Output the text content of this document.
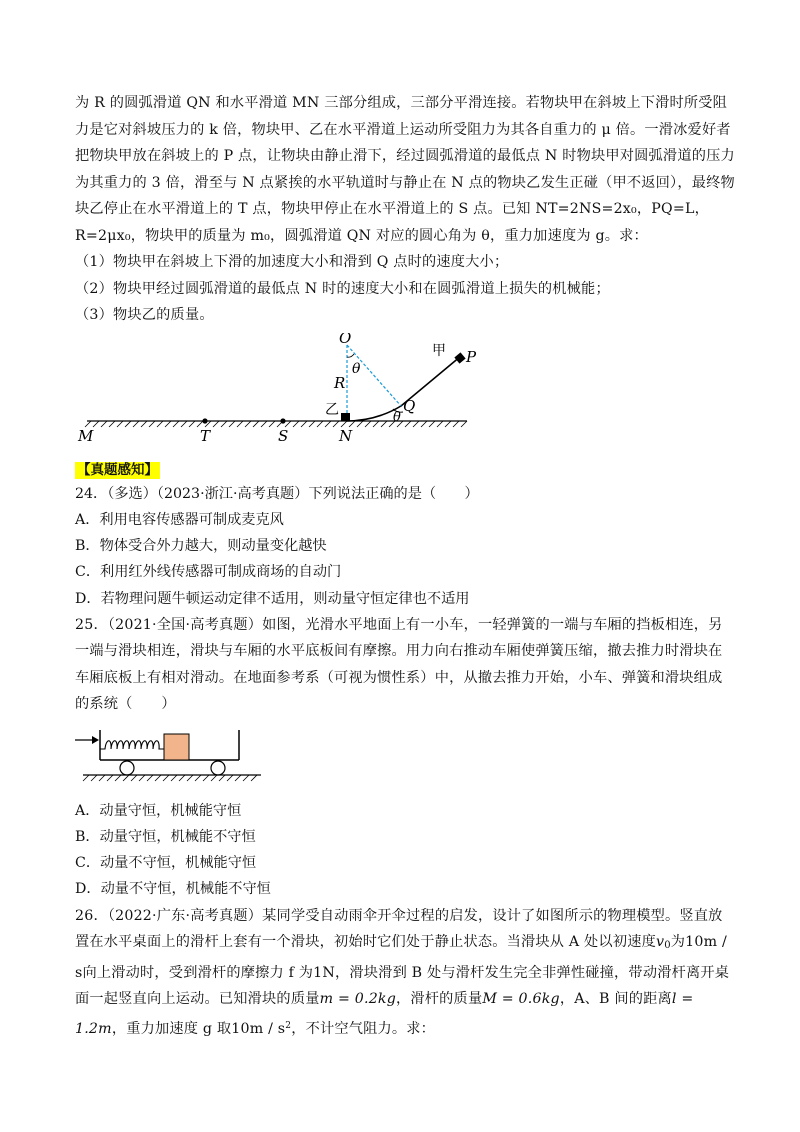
为 R 的圆弧滑道 QN 和水平滑道 MN 三部分组成，三部分平滑连接。若物块甲在斜坡上下滑时所受阻力是它对斜坡压力的 k 倍，物块甲、乙在水平滑道上运动所受阻力为其各自重力的 μ 倍。一滑冰爱好者把物块甲放在斜坡上的 P 点，让物块由静止滑下，经过圆弧滑道的最低点 N 时物块甲对圆弧滑道的压力为其重力的 3 倍，滑至与 N 点紧挨的水平轨道时与静止在 N 点的物块乙发生正碰（甲不返回），最终物块乙停止在水平滑道上的 T 点，物块甲停止在水平滑道上的 S 点。已知 NT=2NS=2x₀，PQ=L，R=2μx₀，物块甲的质量为 m₀，圆弧滑道 QN 对应的圆心角为 θ，重力加速度为 g。求：

（1）物块甲在斜坡上下滑的加速度大小和滑到 Q 点时的速度大小；

（2）物块甲经过圆弧滑道的最低点 N 时的速度大小和在圆弧滑道上损失的机械能；

（3）物块乙的质量。

O
θ
R
甲 P
乙	Q
θ
M	T	S	N
【真题感知】

24．（多选）（2023·浙江·高考真题）下列说法正确的是（　　）

A．利用电容传感器可制成麦克风

B．物体受合外力越大，则动量变化越快

C．利用红外线传感器可制成商场的自动门

D．若物理问题牛顿运动定律不适用，则动量守恒定律也不适用

25．（2021·全国·高考真题）如图，光滑水平地面上有一小车，一轻弹簧的一端与车厢的挡板相连，另一端与滑块相连，滑块与车厢的水平底板间有摩擦。用力向右推动车厢使弹簧压缩，撤去推力时滑块在车厢底板上有相对滑动。在地面参考系（可视为惯性系）中，从撤去推力开始，小车、弹簧和滑块组成的系统（　　）

A．动量守恒，机械能守恒

B．动量守恒，机械能不守恒

C．动量不守恒，机械能守恒

D．动量不守恒，机械能不守恒

26．（2022·广东·高考真题）某同学受自动雨伞开伞过程的启发，设计了如图所示的物理模型。竖直放置在水平桌面上的滑杆上套有一个滑块，初始时它们处于静止状态。当滑块从 A 处以初速度$v_0$为10m / s向上滑动时，受到滑杆的摩擦力 f 为1N，滑块滑到 B 处与滑杆发生完全非弹性碰撞，带动滑杆离开桌面一起竖直向上运动。已知滑块的质量m = 0.2kg，滑杆的质量M = 0.6kg，A、B 间的距离l = 1.2m，重力加速度 g 取$10m / s^2$，不计空气阻力。求：
